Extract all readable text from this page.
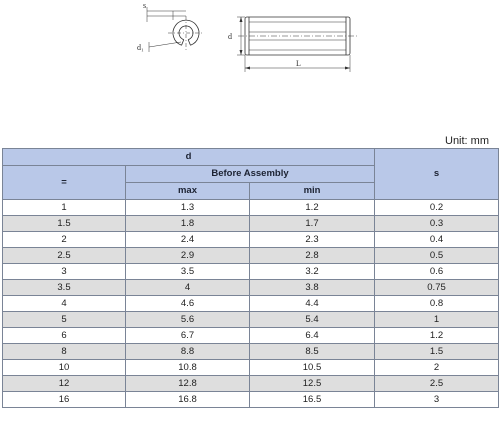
s
d₁
d
L
Unit: mm
d			s
=	Before Assembly		
	max	min	
1	1.3	1.2	0.2
1.5	1.8	1.7	0.3
2	2.4	2.3	0.4
2.5	2.9	2.8	0.5
3	3.5	3.2	0.6
3.5	4	3.8	0.75
4	4.6	4.4	0.8
5	5.6	5.4	1
6	6.7	6.4	1.2
8	8.8	8.5	1.5
10	10.8	10.5	2
12	12.8	12.5	2.5
16	16.8	16.5	3
